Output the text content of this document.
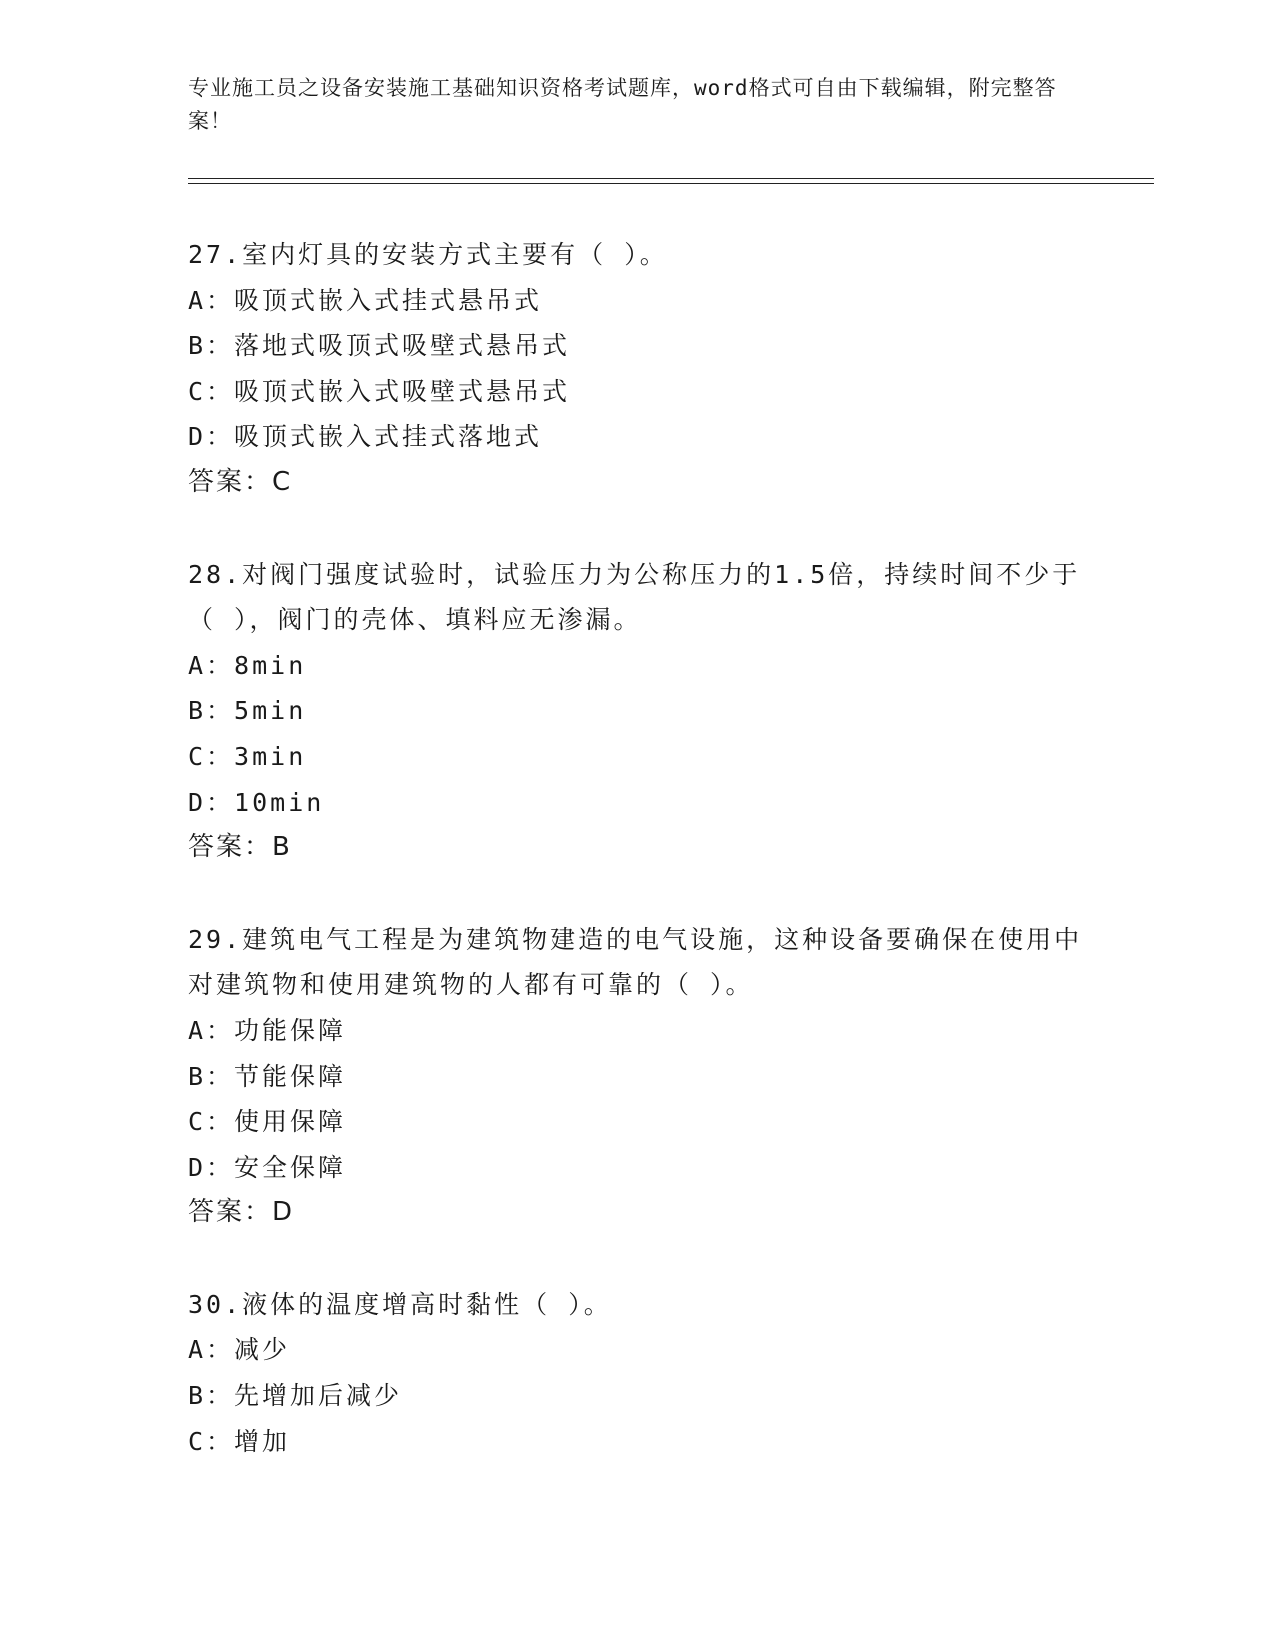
专业施工员之设备安装施工基础知识资格考试题库，word格式可自由下载编辑，附完整答案！
27.室内灯具的安装方式主要有（ ）。
A：吸顶式嵌入式挂式悬吊式
B：落地式吸顶式吸壁式悬吊式
C：吸顶式嵌入式吸壁式悬吊式
D：吸顶式嵌入式挂式落地式
答案：C
28.对阀门强度试验时，试验压力为公称压力的1.5倍，持续时间不少于（ ），阀门的壳体、填料应无渗漏。
A：8min
B：5min
C：3min
D：10min
答案：B
29.建筑电气工程是为建筑物建造的电气设施，这种设备要确保在使用中对建筑物和使用建筑物的人都有可靠的（ ）。
A：功能保障
B：节能保障
C：使用保障
D：安全保障
答案：D
30.液体的温度增高时黏性（ ）。
A：减少
B：先增加后减少
C：增加
